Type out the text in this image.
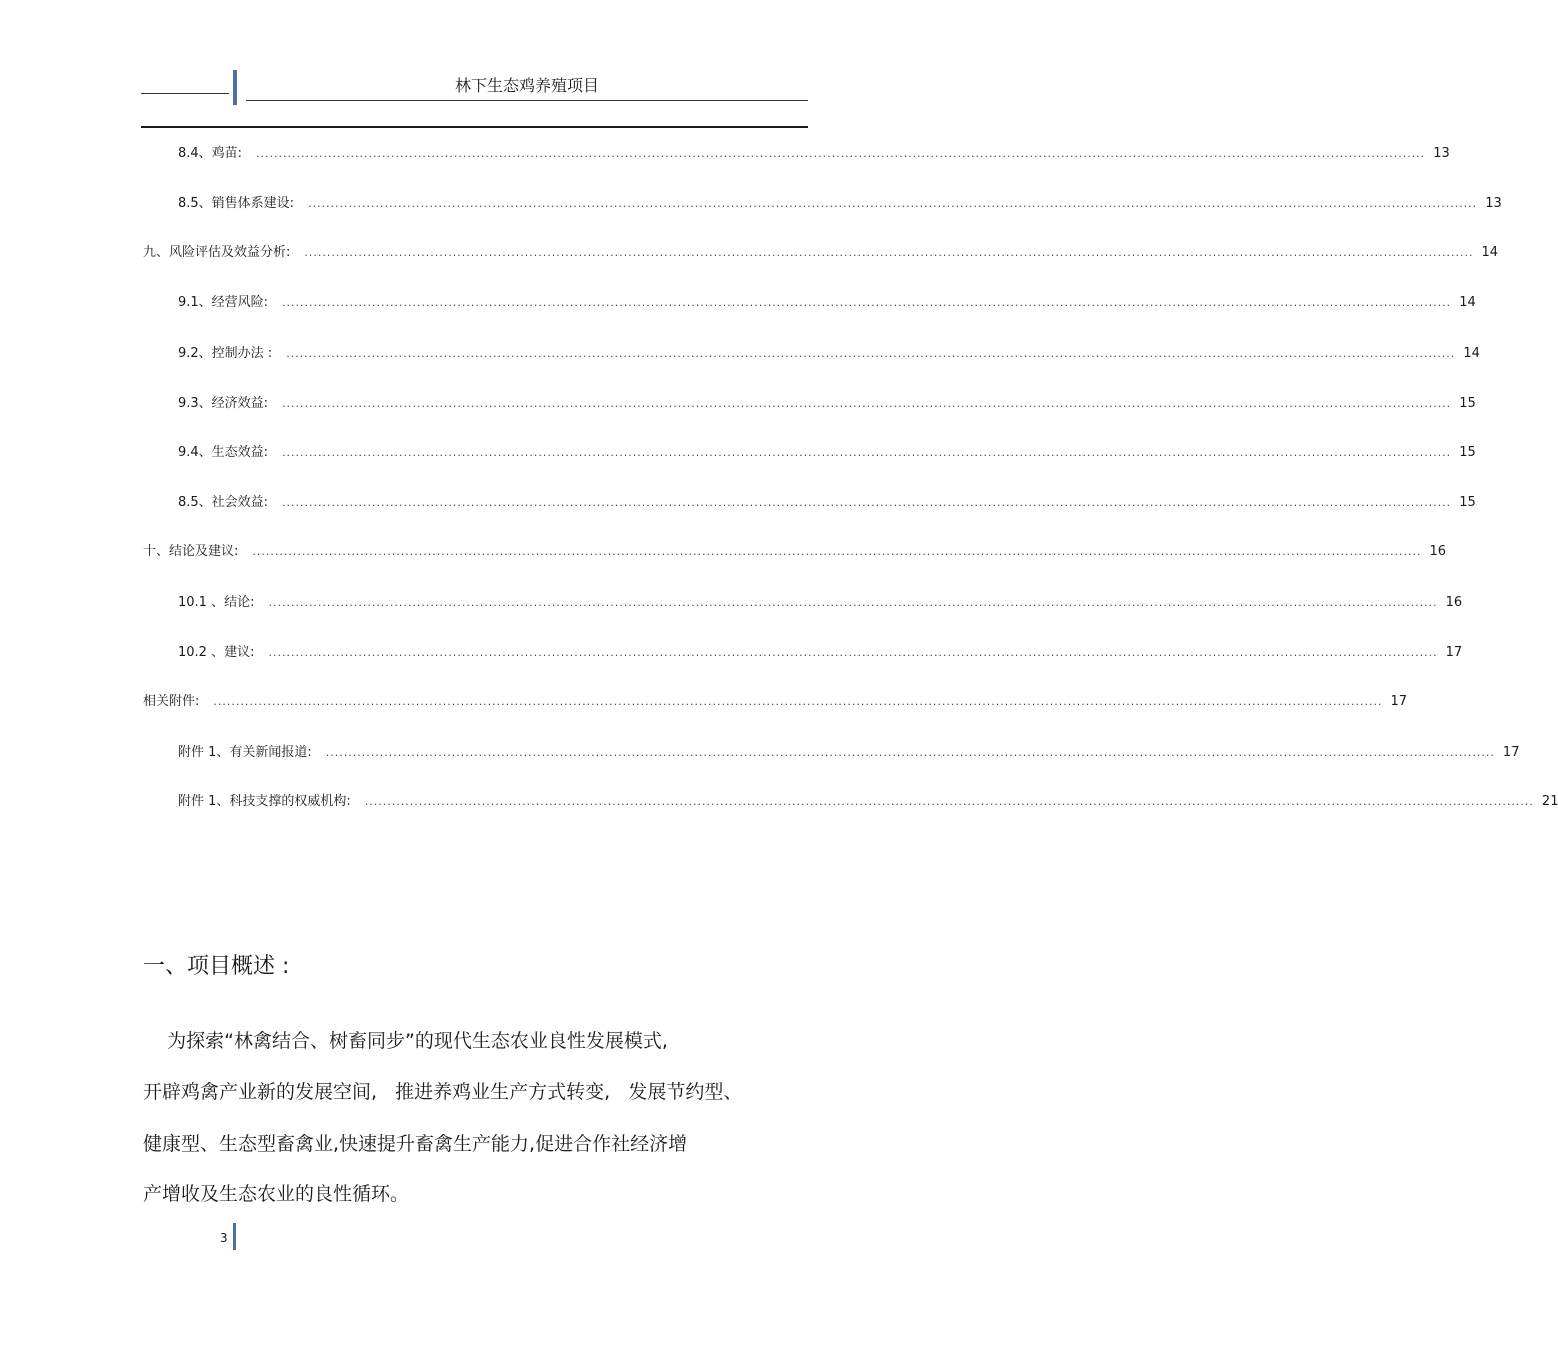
林下生态鸡养殖项目
8.4、鸡苗: .................................................................................................................................................................................................................................................................... 13
8.5、销售体系建设: .................................................................................................................................................................................................................................................................... 13
九、风险评估及效益分析: .................................................................................................................................................................................................................................................................... 14
9.1、经营风险: .................................................................................................................................................................................................................................................................... 14
9.2、控制办法 : .................................................................................................................................................................................................................................................................... 14
9.3、经济效益: .................................................................................................................................................................................................................................................................... 15
9.4、生态效益: .................................................................................................................................................................................................................................................................... 15
8.5、社会效益: .................................................................................................................................................................................................................................................................... 15
十、结论及建议: .................................................................................................................................................................................................................................................................... 16
10.1 、结论: .................................................................................................................................................................................................................................................................... 16
10.2 、建议: .................................................................................................................................................................................................................................................................... 17
相关附件: .................................................................................................................................................................................................................................................................... 17
附件 1、有关新闻报道: .................................................................................................................................................................................................................................................................... 17
附件 1、科技支撑的权威机构: .................................................................................................................................................................................................................................................................... 21
一、项目概述 :
为探索“林禽结合、树畜同步”的现代生态农业良性发展模式,
开辟鸡禽产业新的发展空间,   推进养鸡业生产方式转变,   发展节约型、
健康型、生态型畜禽业,快速提升畜禽生产能力,促进合作社经济增
产增收及生态农业的良性循环。
3
